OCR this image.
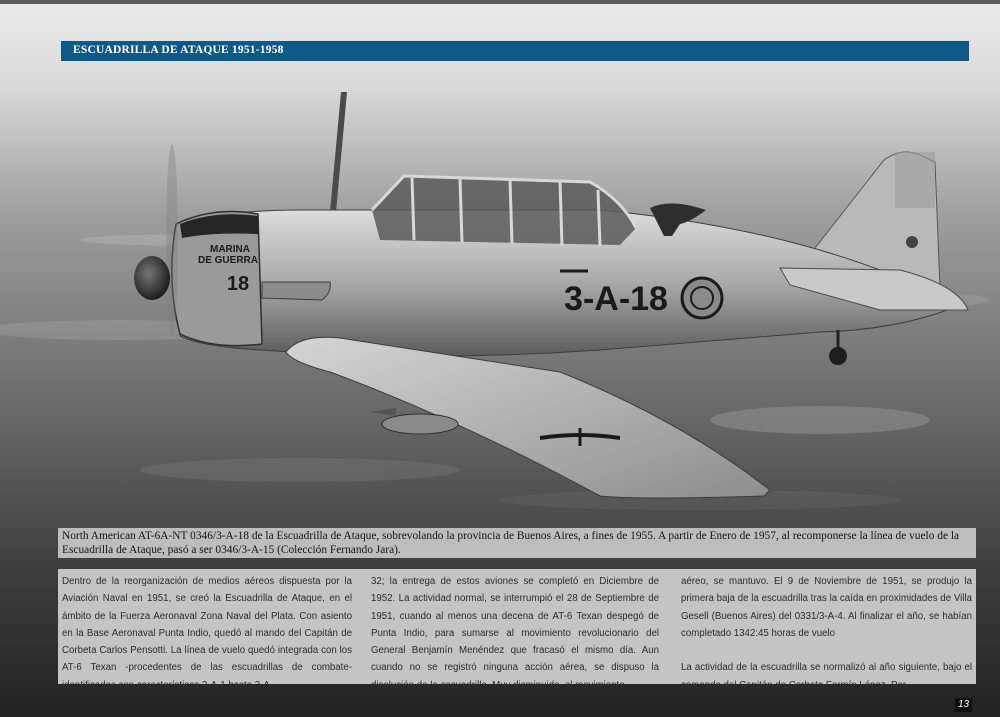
MARINA
DE GUERRA
18	3-A-18
ESCUADRILLA DE ATAQUE 1951-1958
North American AT-6A-NT 0346/3-A-18 de la Escuadrilla de Ataque, sobrevolando la provincia de Buenos Aires, a fines de 1955. A partir de Enero de 1957, al recomponerse la línea de vuelo de la Escuadrilla de Ataque, pasó a ser 0346/3-A-15 (Colección Fernando Jara).

Dentro de la reorganización de medios aéreos dispuesta por la Aviación Naval en 1951, se creó la Escuadrilla de Ataque, en el ámbito de la Fuerza Aeronaval Zona Naval del Plata. Con asiento en la Base Aeronaval Punta Indio, quedó al mando del Capitán de Corbeta Carlos Pensotti. La línea de vuelo quedó integrada con los AT-6 Texan -procedentes de las escuadrillas de combate- identificadas con características 3-A-1 hasta 3-A-

32; la entrega de estos aviones se completó en Diciembre de 1952. La actividad normal, se interrumpió el 28 de Septiembre de 1951, cuando al menos una decena de AT-6 Texan despegó de Punta Indio, para sumarse al movimiento revolucionario del General Benjamín Menéndez que fracasó el mismo día. Aun cuando no se registró ninguna acción aérea, se dispuso la disolución de la escuadrilla. Muy disminuido, el movimiento

aéreo, se mantuvo. El 9 de Noviembre de 1951, se produjo la primera baja de la escuadrilla tras la caída en proximidades de Villa Gesell (Buenos Aires) del 0331/3-A-4. Al finalizar el año, se habían completado 1342:45 horas de vuelo

La actividad de la escuadrilla se normalizó al año siguiente, bajo el comando del Capitán de Corbeta Fermín López. Por

13
